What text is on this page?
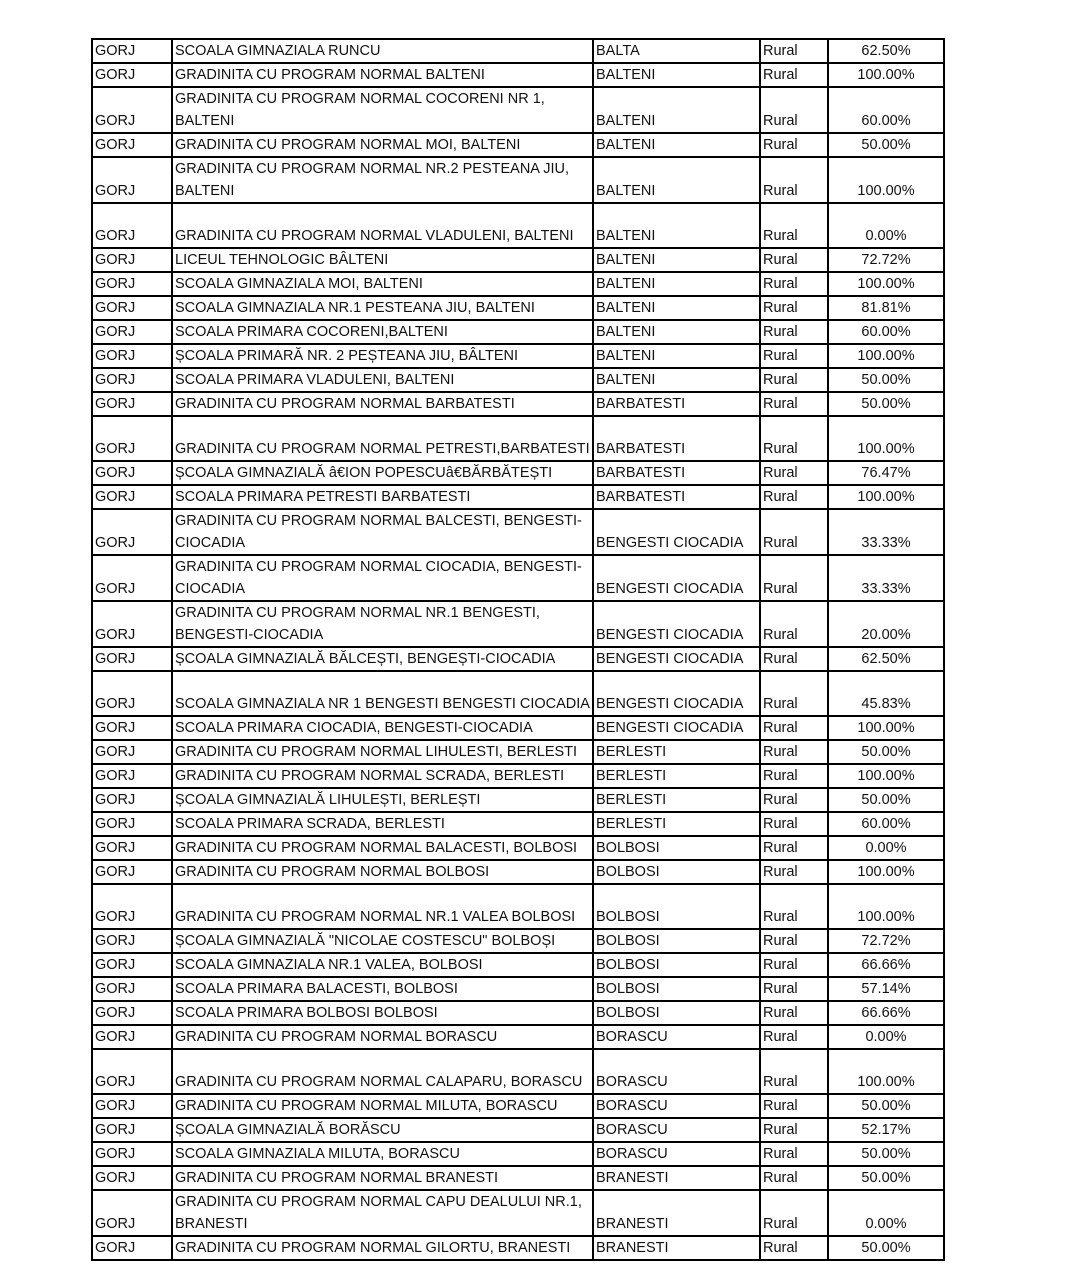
GORJ	SCOALA GIMNAZIALA RUNCU	BALTA	Rural	62.50%
GORJ	GRADINITA CU PROGRAM NORMAL BALTENI	BALTENI	Rural	100.00%
GORJ	GRADINITA CU PROGRAM NORMAL COCORENI NR 1, BALTENI	BALTENI	Rural	60.00%
GORJ	GRADINITA CU PROGRAM NORMAL MOI, BALTENI	BALTENI	Rural	50.00%
GORJ	GRADINITA CU PROGRAM NORMAL NR.2 PESTEANA JIU, BALTENI	BALTENI	Rural	100.00%
GORJ	GRADINITA CU PROGRAM NORMAL VLADULENI, BALTENI	BALTENI	Rural	0.00%
GORJ	LICEUL TEHNOLOGIC BÂLTENI	BALTENI	Rural	72.72%
GORJ	SCOALA GIMNAZIALA MOI, BALTENI	BALTENI	Rural	100.00%
GORJ	SCOALA GIMNAZIALA NR.1 PESTEANA JIU, BALTENI	BALTENI	Rural	81.81%
GORJ	SCOALA PRIMARA COCORENI,BALTENI	BALTENI	Rural	60.00%
GORJ	ȘCOALA PRIMARĂ NR. 2 PEȘTEANA JIU, BÂLTENI	BALTENI	Rural	100.00%
GORJ	SCOALA PRIMARA VLADULENI, BALTENI	BALTENI	Rural	50.00%
GORJ	GRADINITA CU PROGRAM NORMAL BARBATESTI	BARBATESTI	Rural	50.00%
GORJ	GRADINITA CU PROGRAM NORMAL PETRESTI,BARBATESTI	BARBATESTI	Rural	100.00%
GORJ	ȘCOALA GIMNAZIALĂ â€ION POPESCUâ€BĂRBĂTEȘTI	BARBATESTI	Rural	76.47%
GORJ	SCOALA PRIMARA PETRESTI BARBATESTI	BARBATESTI	Rural	100.00%
GORJ	GRADINITA CU PROGRAM NORMAL BALCESTI, BENGESTI-CIOCADIA	BENGESTI CIOCADIA	Rural	33.33%
GORJ	GRADINITA CU PROGRAM NORMAL CIOCADIA, BENGESTI-CIOCADIA	BENGESTI CIOCADIA	Rural	33.33%
GORJ	GRADINITA CU PROGRAM NORMAL NR.1 BENGESTI, BENGESTI-CIOCADIA	BENGESTI CIOCADIA	Rural	20.00%
GORJ	ȘCOALA GIMNAZIALĂ BĂLCEȘTI, BENGEȘTI-CIOCADIA	BENGESTI CIOCADIA	Rural	62.50%
GORJ	SCOALA GIMNAZIALA NR 1 BENGESTI BENGESTI CIOCADIA	BENGESTI CIOCADIA	Rural	45.83%
GORJ	SCOALA PRIMARA CIOCADIA, BENGESTI-CIOCADIA	BENGESTI CIOCADIA	Rural	100.00%
GORJ	GRADINITA CU PROGRAM NORMAL LIHULESTI, BERLESTI	BERLESTI	Rural	50.00%
GORJ	GRADINITA CU PROGRAM NORMAL SCRADA, BERLESTI	BERLESTI	Rural	100.00%
GORJ	ȘCOALA GIMNAZIALĂ LIHULEȘTI, BERLEȘTI	BERLESTI	Rural	50.00%
GORJ	SCOALA PRIMARA SCRADA, BERLESTI	BERLESTI	Rural	60.00%
GORJ	GRADINITA CU PROGRAM NORMAL BALACESTI, BOLBOSI	BOLBOSI	Rural	0.00%
GORJ	GRADINITA CU PROGRAM NORMAL BOLBOSI	BOLBOSI	Rural	100.00%
GORJ	GRADINITA CU PROGRAM NORMAL NR.1 VALEA BOLBOSI	BOLBOSI	Rural	100.00%
GORJ	ȘCOALA GIMNAZIALĂ "NICOLAE COSTESCU" BOLBOȘI	BOLBOSI	Rural	72.72%
GORJ	SCOALA GIMNAZIALA NR.1 VALEA, BOLBOSI	BOLBOSI	Rural	66.66%
GORJ	SCOALA PRIMARA BALACESTI, BOLBOSI	BOLBOSI	Rural	57.14%
GORJ	SCOALA PRIMARA BOLBOSI BOLBOSI	BOLBOSI	Rural	66.66%
GORJ	GRADINITA CU PROGRAM NORMAL BORASCU	BORASCU	Rural	0.00%
GORJ	GRADINITA CU PROGRAM NORMAL CALAPARU, BORASCU	BORASCU	Rural	100.00%
GORJ	GRADINITA CU PROGRAM NORMAL MILUTA, BORASCU	BORASCU	Rural	50.00%
GORJ	ȘCOALA GIMNAZIALĂ BORĂSCU	BORASCU	Rural	52.17%
GORJ	SCOALA GIMNAZIALA MILUTA, BORASCU	BORASCU	Rural	50.00%
GORJ	GRADINITA CU PROGRAM NORMAL BRANESTI	BRANESTI	Rural	50.00%
GORJ	GRADINITA CU PROGRAM NORMAL CAPU DEALULUI NR.1, BRANESTI	BRANESTI	Rural	0.00%
GORJ	GRADINITA CU PROGRAM NORMAL GILORTU, BRANESTI	BRANESTI	Rural	50.00%
